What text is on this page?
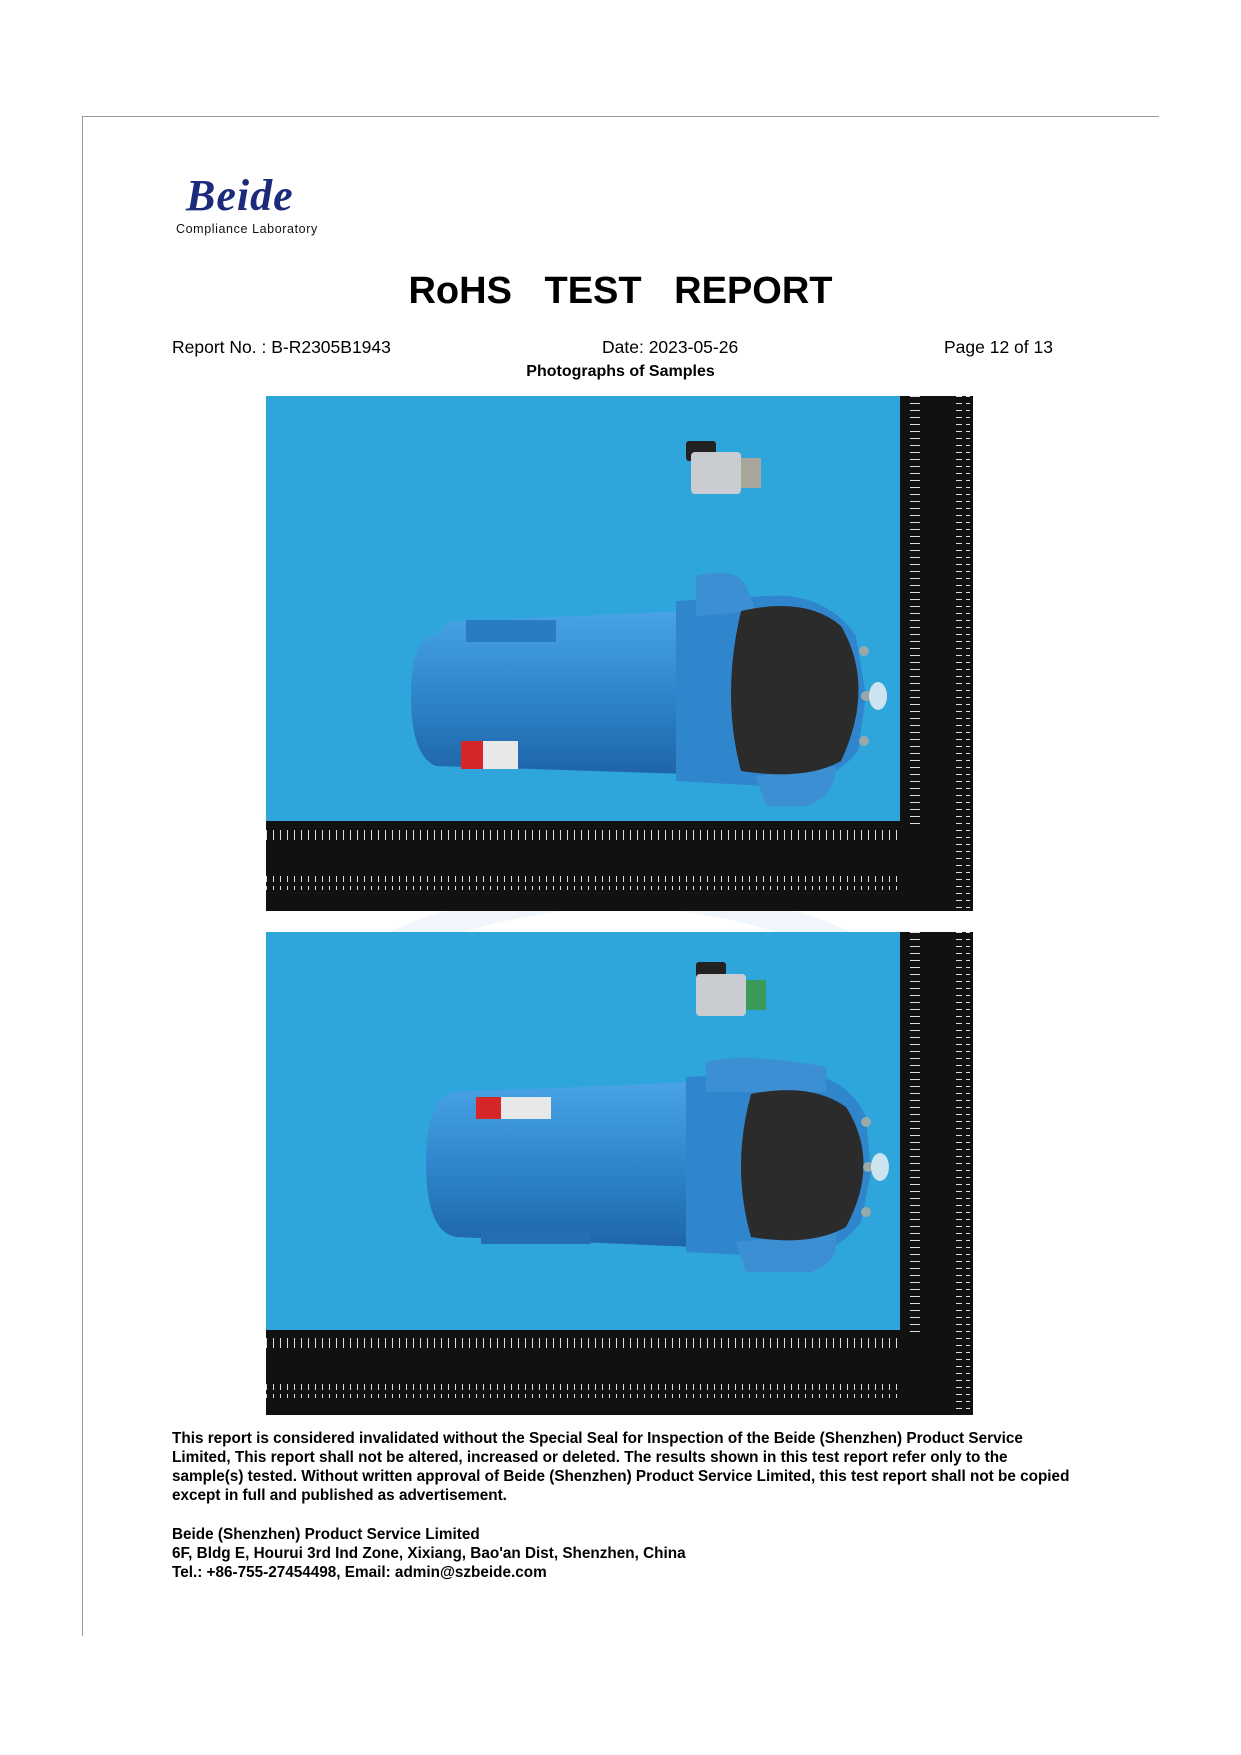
Beide
Compliance Laboratory
RoHS TEST REPORT
Report No. : B-R2305B1943	Date: 2023-05-26	Page 12 of 13
Photographs of Samples
This report is considered invalidated without the Special Seal for Inspection of the Beide (Shenzhen) Product Service Limited, This report shall not be altered, increased or deleted. The results shown in this test report refer only to the sample(s) tested. Without written approval of Beide (Shenzhen) Product Service Limited, this test report shall not be copied except in full and published as advertisement.
Beide (Shenzhen) Product Service Limited
6F, Bldg E, Hourui 3rd Ind Zone, Xixiang, Bao'an Dist, Shenzhen, China
Tel.: +86-755-27454498, Email: admin@szbeide.com
